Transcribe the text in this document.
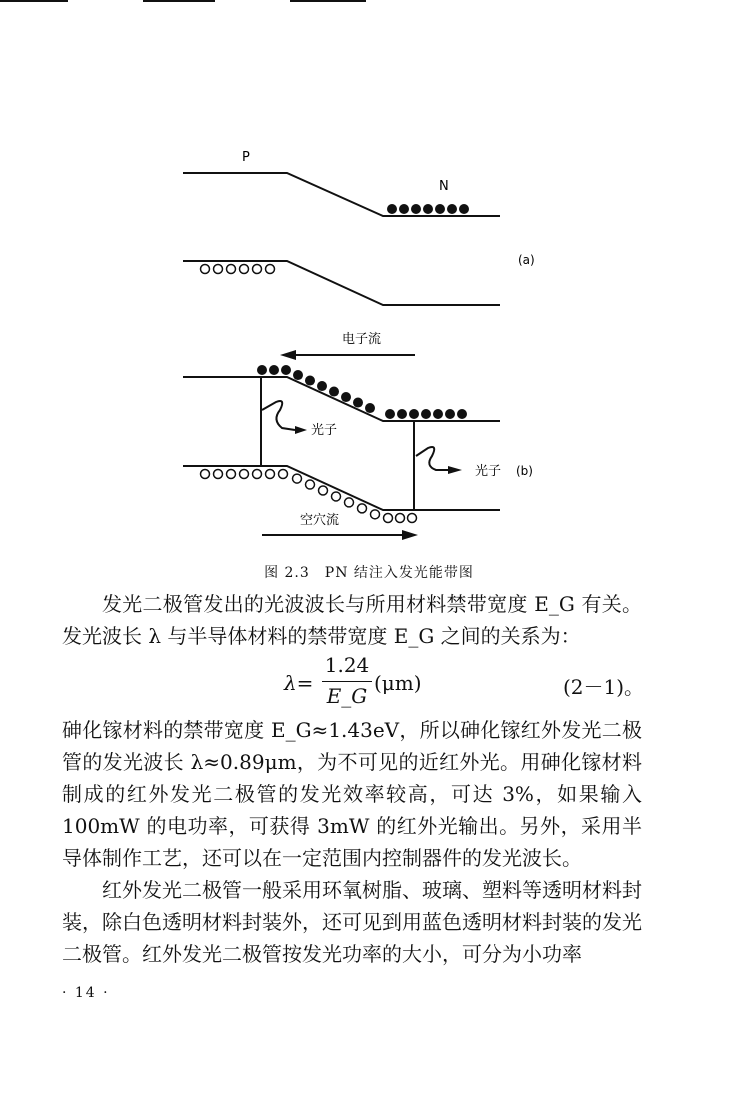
P
N
(a)
电子流
光子
光子 (b)
空穴流
图 2.3　PN 结注入发光能带图

发光二极管发出的光波波长与所用材料禁带宽度 E_G 有关。发光波长 λ 与半导体材料的禁带宽度 E_G 之间的关系为：

λ=
1.24
E_G
(μm)	(2－1)。

砷化镓材料的禁带宽度 E_G≈1.43eV，所以砷化镓红外发光二极管的发光波长 λ≈0.89μm，为不可见的近红外光。用砷化镓材料制成的红外发光二极管的发光效率较高，可达 3%，如果输入 100mW 的电功率，可获得 3mW 的红外光输出。另外，采用半导体制作工艺，还可以在一定范围内控制器件的发光波长。

红外发光二极管一般采用环氧树脂、玻璃、塑料等透明材料封装，除白色透明材料封装外，还可见到用蓝色透明材料封装的发光二极管。红外发光二极管按发光功率的大小，可分为小功率

· 14 ·
